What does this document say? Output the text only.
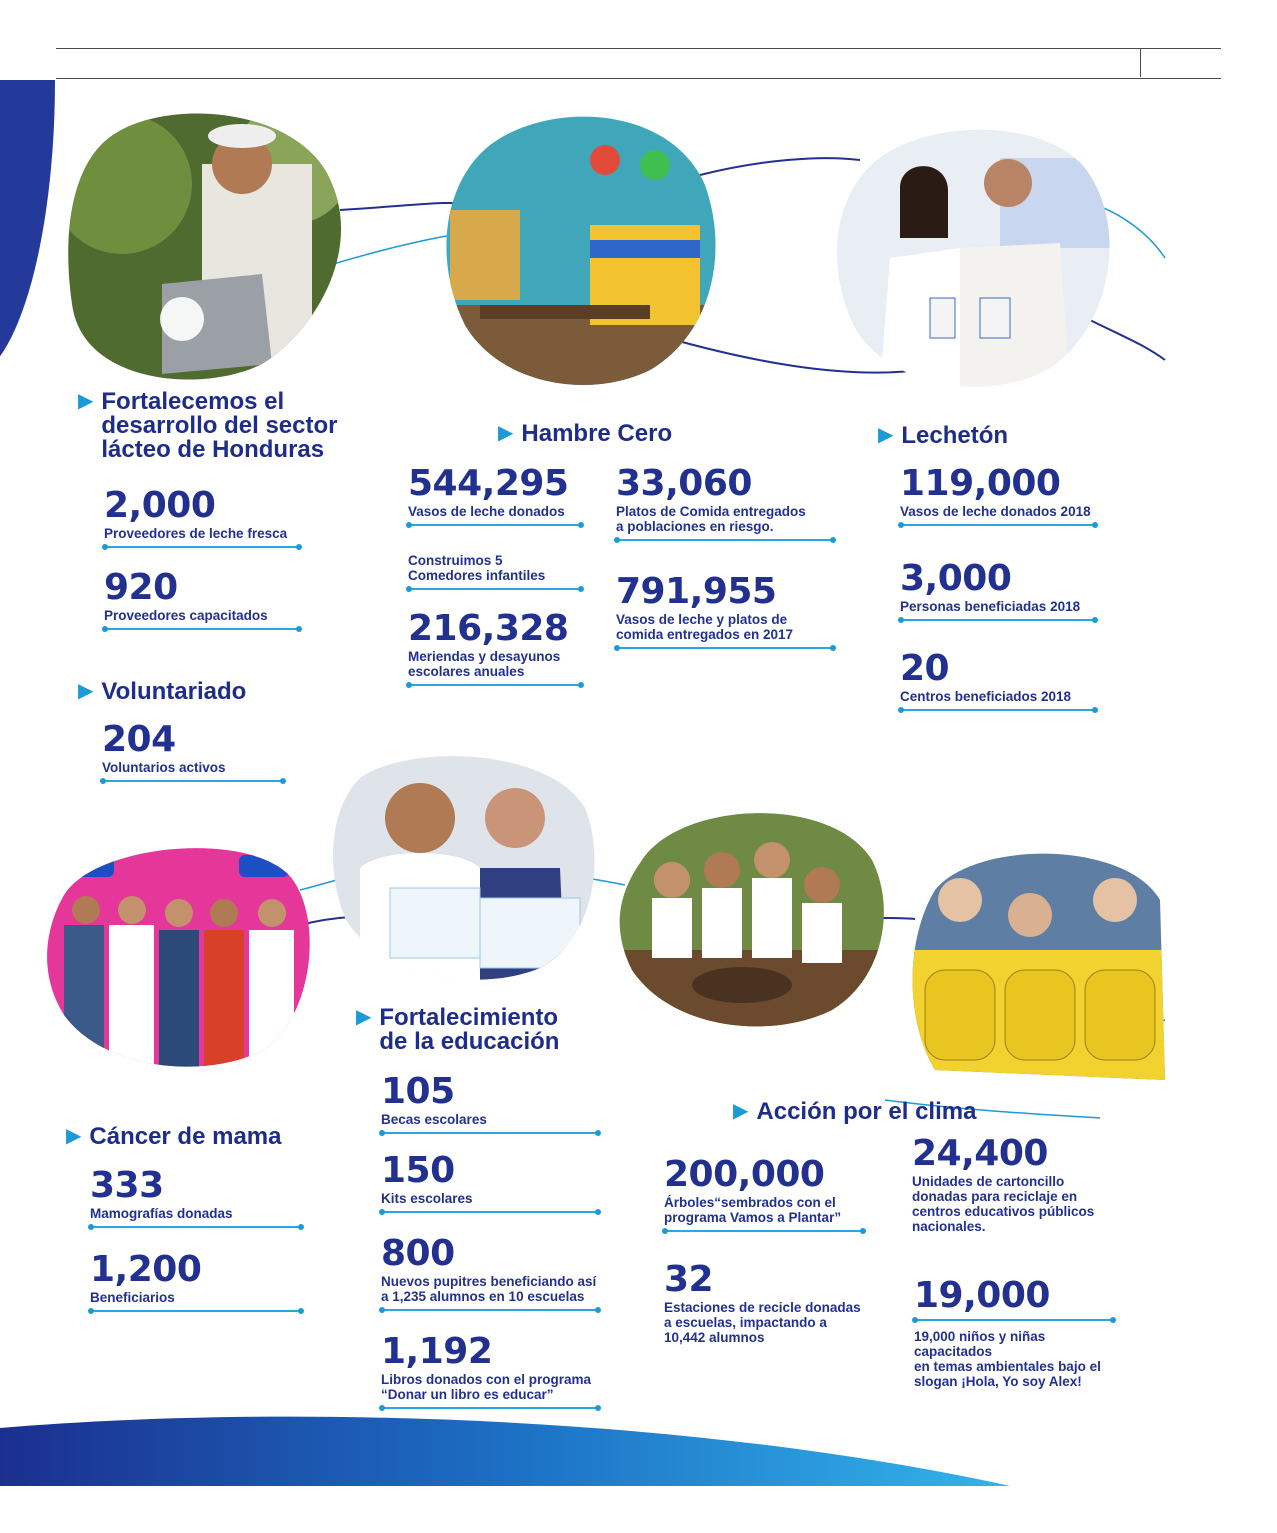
▶ Fortalecemos el
desarrollo del sector
lácteo de Honduras
2,000
Proveedores de leche fresca
920
Proveedores capacitados
▶ Voluntariado
204
Voluntarios activos
▶ Hambre Cero
544,295
Vasos de leche donados
Construimos 5
Comedores infantiles
216,328
Meriendas y desayunos
escolares anuales
33,060
Platos de Comida entregados
a poblaciones en riesgo.
791,955
Vasos de leche y platos de
comida entregados en 2017
▶ Lechetón
119,000
Vasos de leche donados 2018
3,000
Personas beneficiadas 2018
20
Centros beneficiados 2018
▶ Cáncer de mama
333
Mamografías donadas
1,200
Beneficiarios
▶ Fortalecimiento
de la educación
105
Becas escolares
150
Kits escolares
800
Nuevos pupitres beneficiando así
a 1,235 alumnos en 10 escuelas
1,192
Libros donados con el programa
“Donar un libro es educar”
▶ Acción por el clima
200,000
Árboles“sembrados con el
programa Vamos a Plantar”
32
Estaciones de recicle donadas
a escuelas, impactando a
10,442 alumnos
24,400
Unidades de cartoncillo
donadas para reciclaje en
centros educativos públicos
nacionales.
19,000
19,000 niños y niñas capacitados
en temas ambientales bajo el
slogan ¡Hola, Yo soy Alex!
